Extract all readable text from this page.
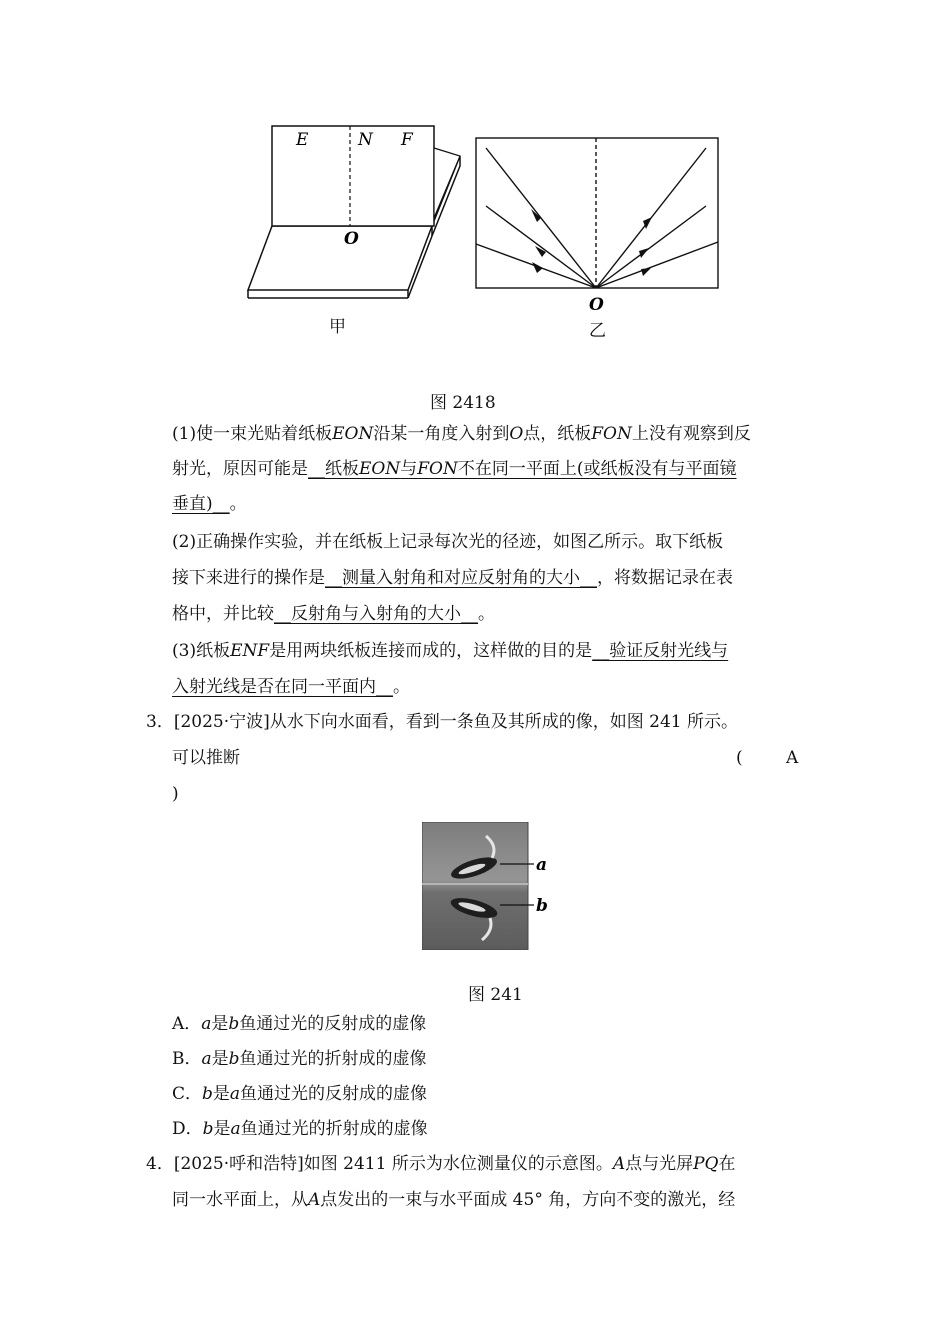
E	N F
O
O
甲	乙
图 2418
(1)使一束光贴着纸板EON沿某一角度入射到O点，纸板FON上没有观察到反
射光，原因可能是__纸板EON与FON不在同一平面上(或纸板没有与平面镜
垂直)__。
(2)正确操作实验，并在纸板上记录每次光的径迹，如图乙所示。取下纸板
接下来进行的操作是__测量入射角和对应反射角的大小__，将数据记录在表
格中，并比较__反射角与入射角的大小__。
(3)纸板ENF是用两块纸板连接而成的，这样做的目的是__验证反射光线与
入射光线是否在同一平面内__。
3．[2025·宁波]从水下向水面看，看到一条鱼及其所成的像，如图 241 所示。
可以推断	(	A
)
a
b
图 241
A．a是b鱼通过光的反射成的虚像
B．a是b鱼通过光的折射成的虚像
C．b是a鱼通过光的反射成的虚像
D．b是a鱼通过光的折射成的虚像
4．[2025·呼和浩特]如图 2411 所示为水位测量仪的示意图。A点与光屏PQ在
同一水平面上，从A点发出的一束与水平面成 45° 角，方向不变的激光，经
